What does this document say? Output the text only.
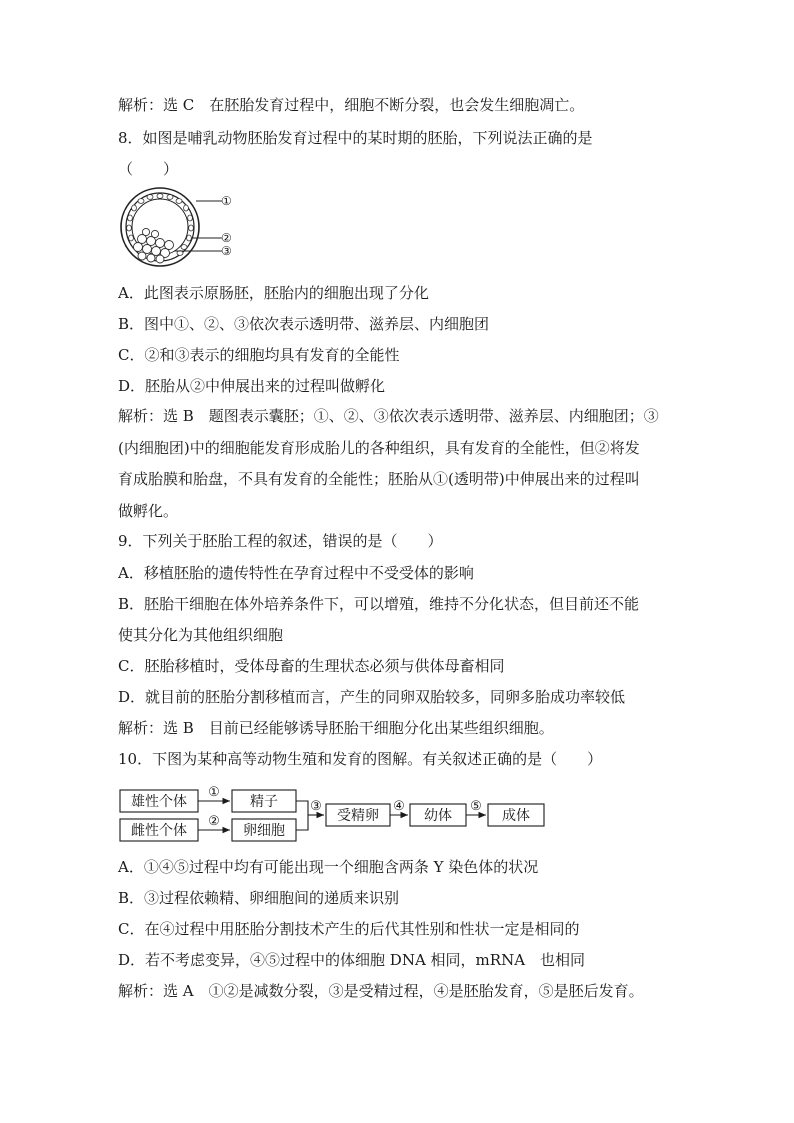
解析：选 C　在胚胎发育过程中，细胞不断分裂，也会发生细胞凋亡。
8．如图是哺乳动物胚胎发育过程中的某时期的胚胎，下列说法正确的是
（　　）
①
②
③
A．此图表示原肠胚，胚胎内的细胞出现了分化
B．图中①、②、③依次表示透明带、滋养层、内细胞团
C．②和③表示的细胞均具有发育的全能性
D．胚胎从②中伸展出来的过程叫做孵化
解析：选 B　题图表示囊胚；①、②、③依次表示透明带、滋养层、内细胞团；③
(内细胞团)中的细胞能发育形成胎儿的各种组织，具有发育的全能性，但②将发
育成胎膜和胎盘，不具有发育的全能性；胚胎从①(透明带)中伸展出来的过程叫
做孵化。
9．下列关于胚胎工程的叙述，错误的是（　　）
A．移植胚胎的遗传特性在孕育过程中不受受体的影响
B．胚胎干细胞在体外培养条件下，可以增殖，维持不分化状态，但目前还不能
使其分化为其他组织细胞
C．胚胎移植时，受体母畜的生理状态必须与供体母畜相同
D．就目前的胚胎分割移植而言，产生的同卵双胎较多，同卵多胎成功率较低
解析：选 B　目前已经能够诱导胚胎干细胞分化出某些组织细胞。
10．下图为某种高等动物生殖和发育的图解。有关叙述正确的是（　　）
雄性个体
雌性个体
精子
卵细胞
受精卵	幼体	成体
①
②
③	④	⑤
A．①④⑤过程中均有可能出现一个细胞含两条 Y 染色体的状况
B．③过程依赖精、卵细胞间的递质来识别
C．在④过程中用胚胎分割技术产生的后代其性别和性状一定是相同的
D．若不考虑变异，④⑤过程中的体细胞 DNA 相同，mRNA　也相同
解析：选 A　①②是减数分裂，③是受精过程，④是胚胎发育，⑤是胚后发育。
